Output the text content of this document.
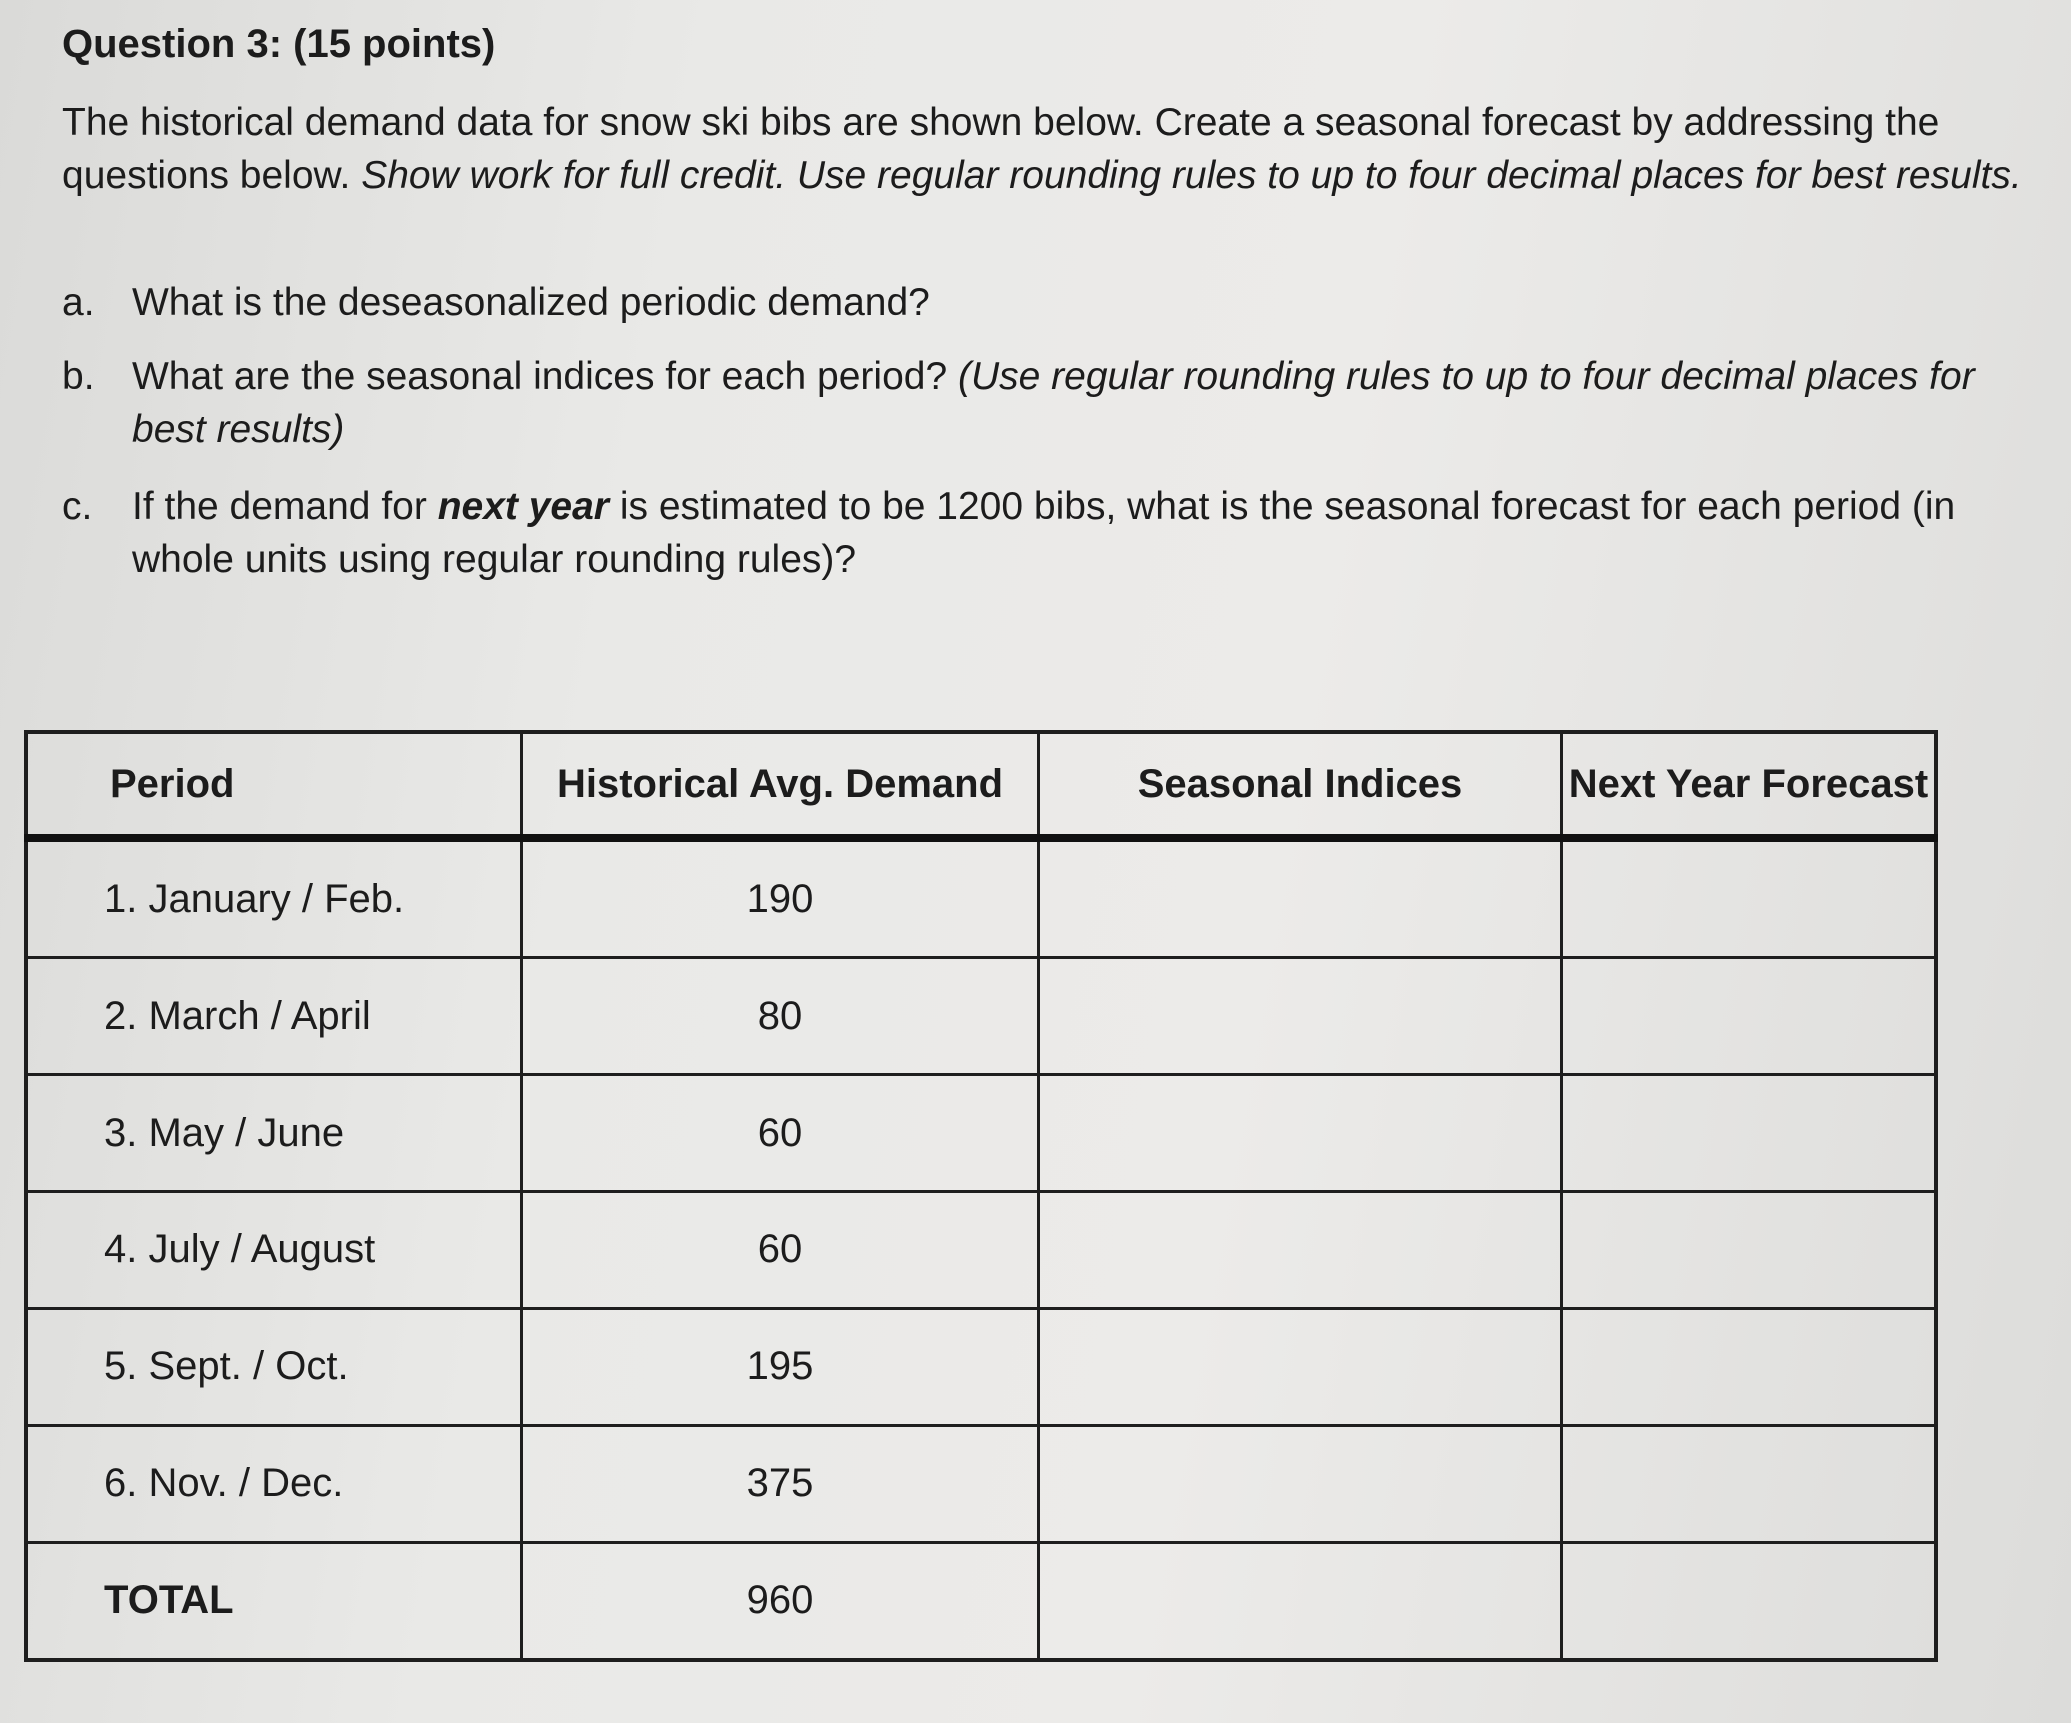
Question 3: (15 points)
The historical demand data for snow ski bibs are shown below. Create a seasonal forecast by addressing the questions below. Show work for full credit. Use regular rounding rules to up to four decimal places for best results.
a. What is the deseasonalized periodic demand?
b. What are the seasonal indices for each period? (Use regular rounding rules to up to four decimal places for best results)
c. If the demand for next year is estimated to be 1200 bibs, what is the seasonal forecast for each period (in whole units using regular rounding rules)?
Period	Historical Avg. Demand	Seasonal Indices	Next Year Forecast
1. January / Feb.	190		
2. March / April	80		
3. May / June	60		
4. July / August	60		
5. Sept. / Oct.	195		
6. Nov. / Dec.	375		
TOTAL	960		
